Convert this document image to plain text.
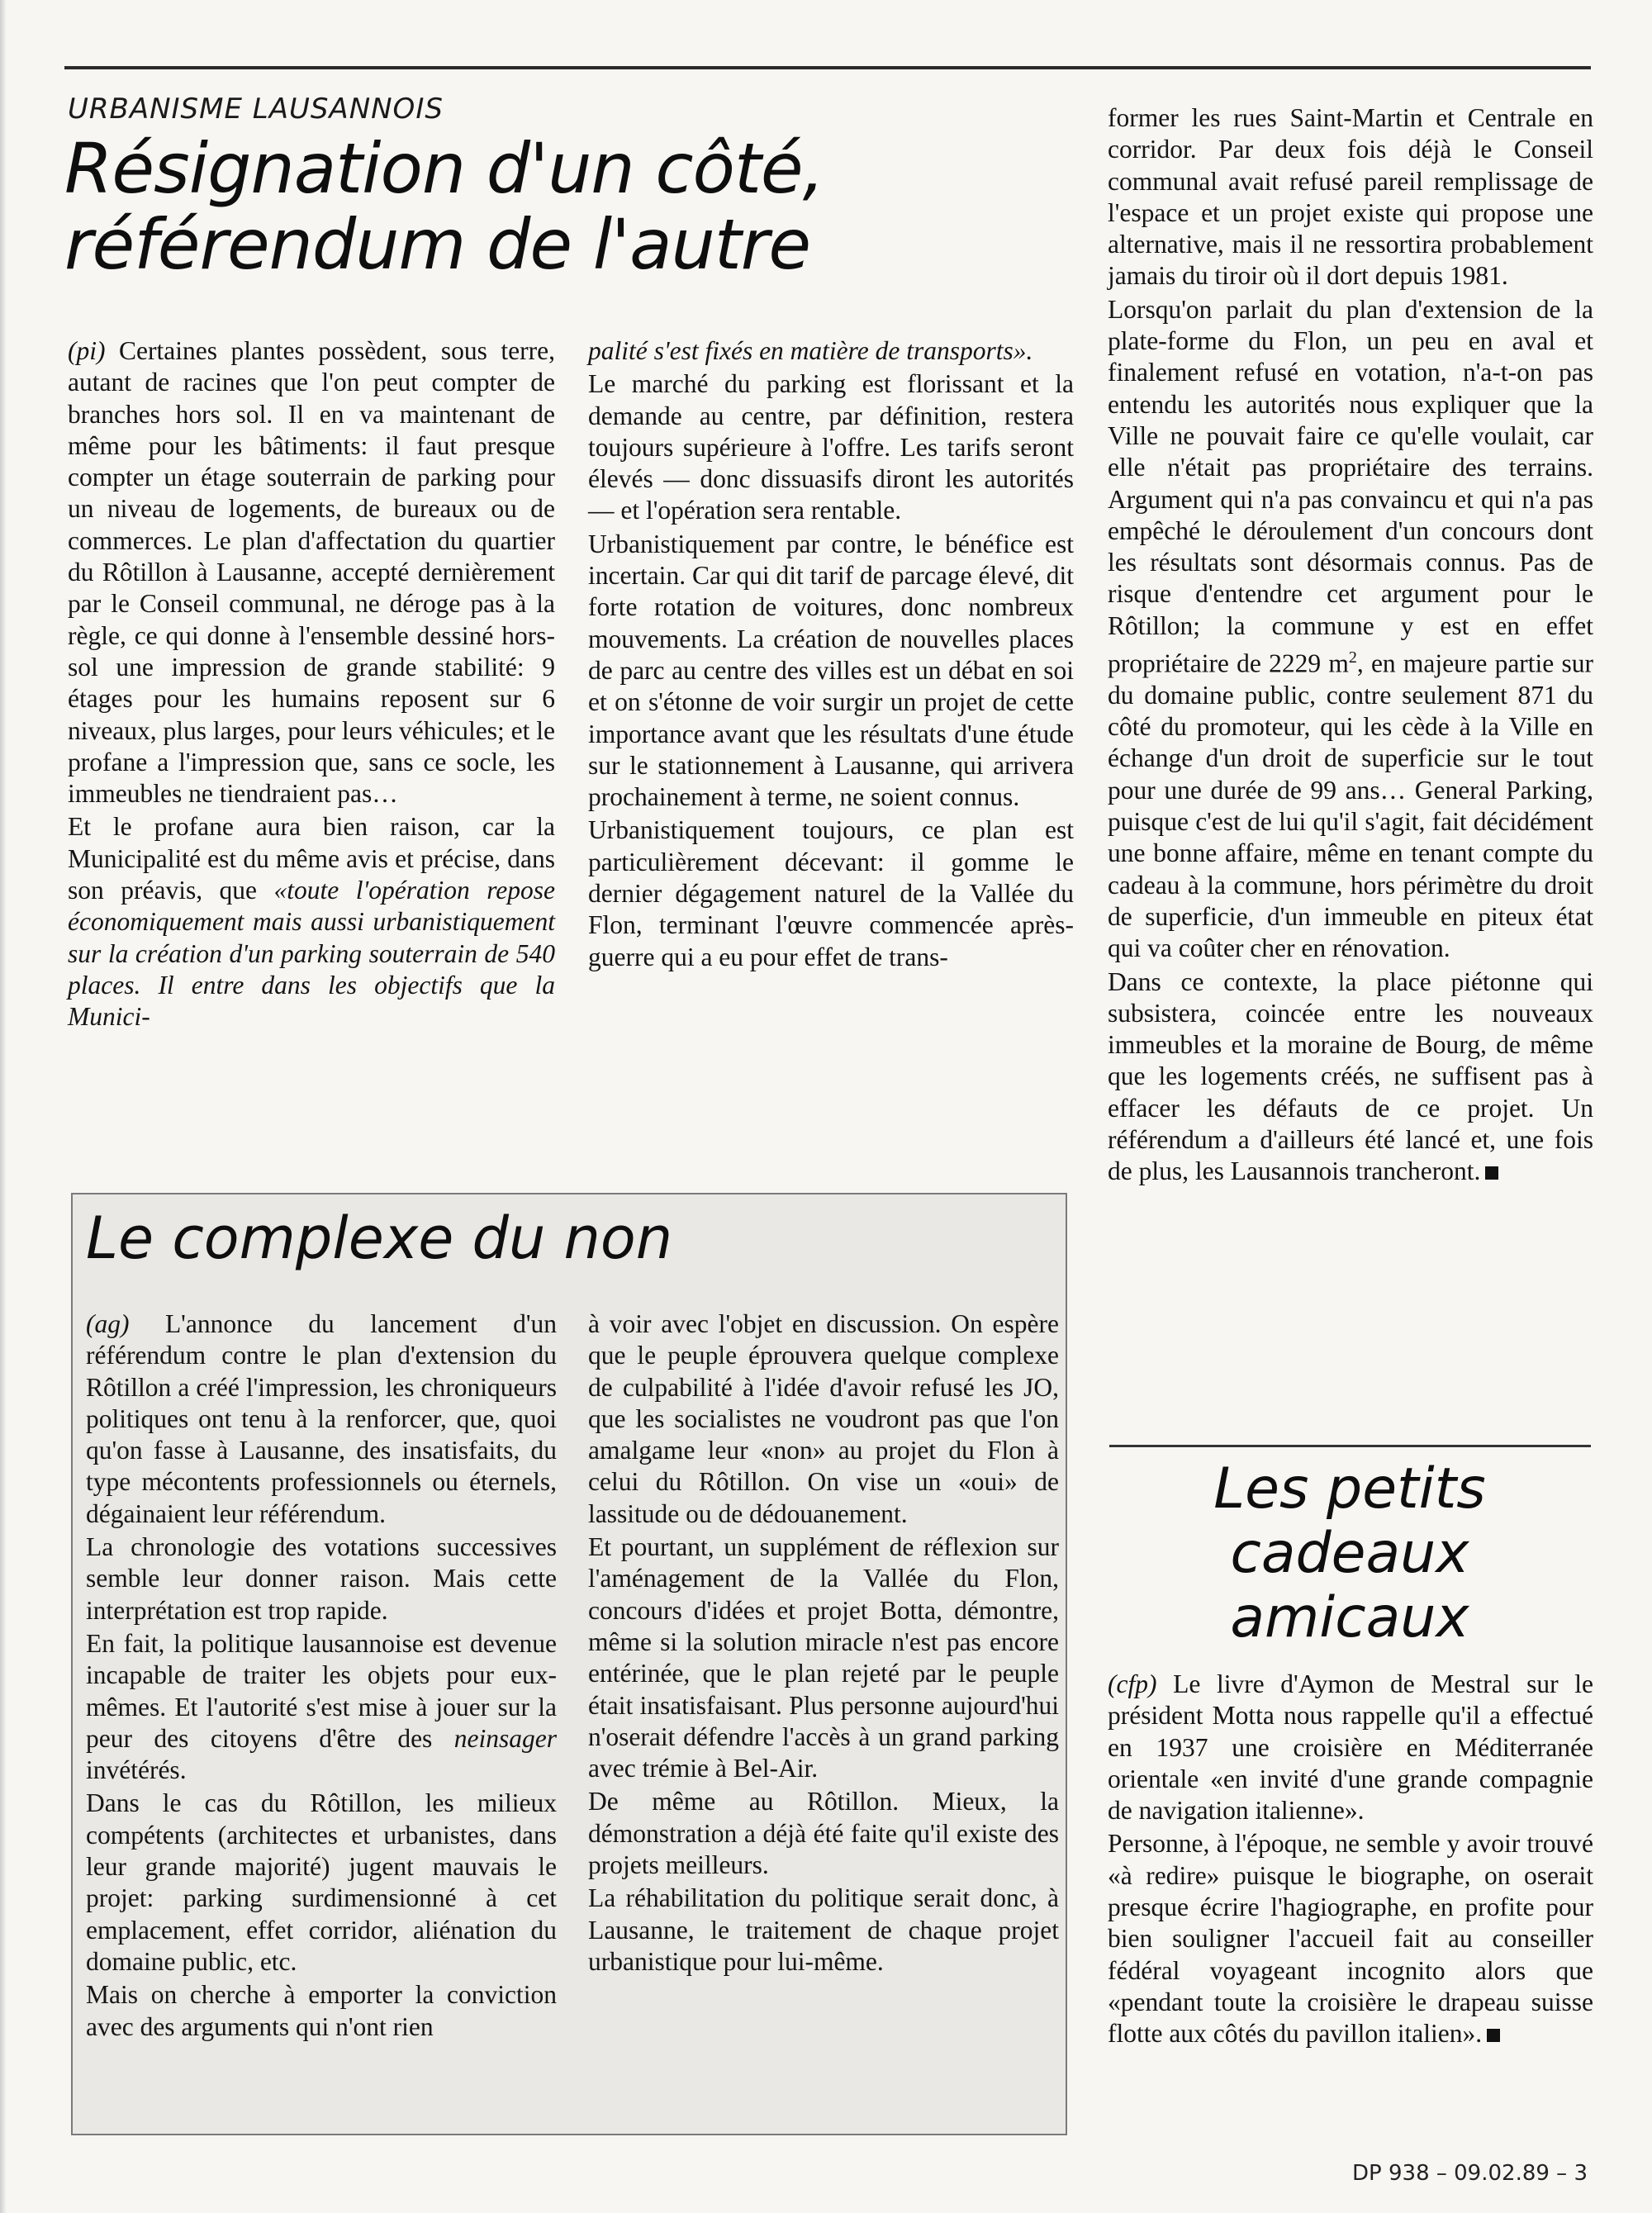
URBANISME LAUSANNOIS
Résignation d'un côté,
référendum de l'autre

(pi) Certaines plantes possèdent, sous terre, autant de racines que l'on peut compter de branches hors sol. Il en va maintenant de même pour les bâtiments: il faut presque compter un étage souterrain de parking pour un niveau de logements, de bureaux ou de commerces. Le plan d'affectation du quartier du Rôtillon à Lausanne, accepté dernièrement par le Conseil communal, ne déroge pas à la règle, ce qui donne à l'ensemble dessiné hors-sol une impression de grande stabilité: 9 étages pour les humains reposent sur 6 niveaux, plus larges, pour leurs véhicules; et le profane a l'impression que, sans ce socle, les immeubles ne tiendraient pas…

Et le profane aura bien raison, car la Municipalité est du même avis et précise, dans son préavis, que «toute l'opération repose économiquement mais aussi urbanistiquement sur la création d'un parking souterrain de 540 places. Il entre dans les objectifs que la Munici-

palité s'est fixés en matière de transports».

Le marché du parking est florissant et la demande au centre, par définition, restera toujours supérieure à l'offre. Les tarifs seront élevés — donc dissuasifs diront les autorités — et l'opération sera rentable.

Urbanistiquement par contre, le bénéfice est incertain. Car qui dit tarif de parcage élevé, dit forte rotation de voitures, donc nombreux mouvements. La création de nouvelles places de parc au centre des villes est un débat en soi et on s'étonne de voir surgir un projet de cette importance avant que les résultats d'une étude sur le stationnement à Lausanne, qui arrivera prochainement à terme, ne soient connus.

Urbanistiquement toujours, ce plan est particulièrement décevant: il gomme le dernier dégagement naturel de la Vallée du Flon, terminant l'œuvre commencée après-guerre qui a eu pour effet de trans-

former les rues Saint-Martin et Centrale en corridor. Par deux fois déjà le Conseil communal avait refusé pareil remplissage de l'espace et un projet existe qui propose une alternative, mais il ne ressortira probablement jamais du tiroir où il dort depuis 1981.

Lorsqu'on parlait du plan d'extension de la plate-forme du Flon, un peu en aval et finalement refusé en votation, n'a-t-on pas entendu les autorités nous expliquer que la Ville ne pouvait faire ce qu'elle voulait, car elle n'était pas propriétaire des terrains. Argument qui n'a pas convaincu et qui n'a pas empêché le déroulement d'un concours dont les résultats sont désormais connus. Pas de risque d'entendre cet argument pour le Rôtillon; la commune y est en effet propriétaire de 2229 $m^2$, en majeure partie sur du domaine public, contre seulement 871 du côté du promoteur, qui les cède à la Ville en échange d'un droit de superficie sur le tout pour une durée de 99 ans… General Parking, puisque c'est de lui qu'il s'agit, fait décidément une bonne affaire, même en tenant compte du cadeau à la commune, hors périmètre du droit de superficie, d'un immeuble en piteux état qui va coûter cher en rénovation.

Dans ce contexte, la place piétonne qui subsistera, coincée entre les nouveaux immeubles et la moraine de Bourg, de même que les logements créés, ne suffisent pas à effacer les défauts de ce projet. Un référendum a d'ailleurs été lancé et, une fois de plus, les Lausannois trancheront.

Le complexe du non

(ag) L'annonce du lancement d'un référendum contre le plan d'extension du Rôtillon a créé l'impression, les chroniqueurs politiques ont tenu à la renforcer, que, quoi qu'on fasse à Lausanne, des insatisfaits, du type mécontents professionnels ou éternels, dégainaient leur référendum.

La chronologie des votations successives semble leur donner raison. Mais cette interprétation est trop rapide.

En fait, la politique lausannoise est devenue incapable de traiter les objets pour eux-mêmes. Et l'autorité s'est mise à jouer sur la peur des citoyens d'être des neinsager invétérés.

Dans le cas du Rôtillon, les milieux compétents (architectes et urbanistes, dans leur grande majorité) jugent mauvais le projet: parking surdimensionné à cet emplacement, effet corridor, aliénation du domaine public, etc.

Mais on cherche à emporter la conviction avec des arguments qui n'ont rien

à voir avec l'objet en discussion. On espère que le peuple éprouvera quelque complexe de culpabilité à l'idée d'avoir refusé les JO, que les socialistes ne voudront pas que l'on amalgame leur «non» au projet du Flon à celui du Rôtillon. On vise un «oui» de lassitude ou de dédouanement.

Et pourtant, un supplément de réflexion sur l'aménagement de la Vallée du Flon, concours d'idées et projet Botta, démontre, même si la solution miracle n'est pas encore entérinée, que le plan rejeté par le peuple était insatisfaisant. Plus personne aujourd'hui n'oserait défendre l'accès à un grand parking avec trémie à Bel-Air.

De même au Rôtillon. Mieux, la démonstration a déjà été faite qu'il existe des projets meilleurs.

La réhabilitation du politique serait donc, à Lausanne, le traitement de chaque projet urbanistique pour lui-même.

Les petits
cadeaux
amicaux

(cfp) Le livre d'Aymon de Mestral sur le président Motta nous rappelle qu'il a effectué en 1937 une croisière en Méditerranée orientale «en invité d'une grande compagnie de navigation italienne».

Personne, à l'époque, ne semble y avoir trouvé «à redire» puisque le biographe, on oserait presque écrire l'hagiographe, en profite pour bien souligner l'accueil fait au conseiller fédéral voyageant incognito alors que «pendant toute la croisière le drapeau suisse flotte aux côtés du pavillon italien».

DP 938 – 09.02.89 – 3
